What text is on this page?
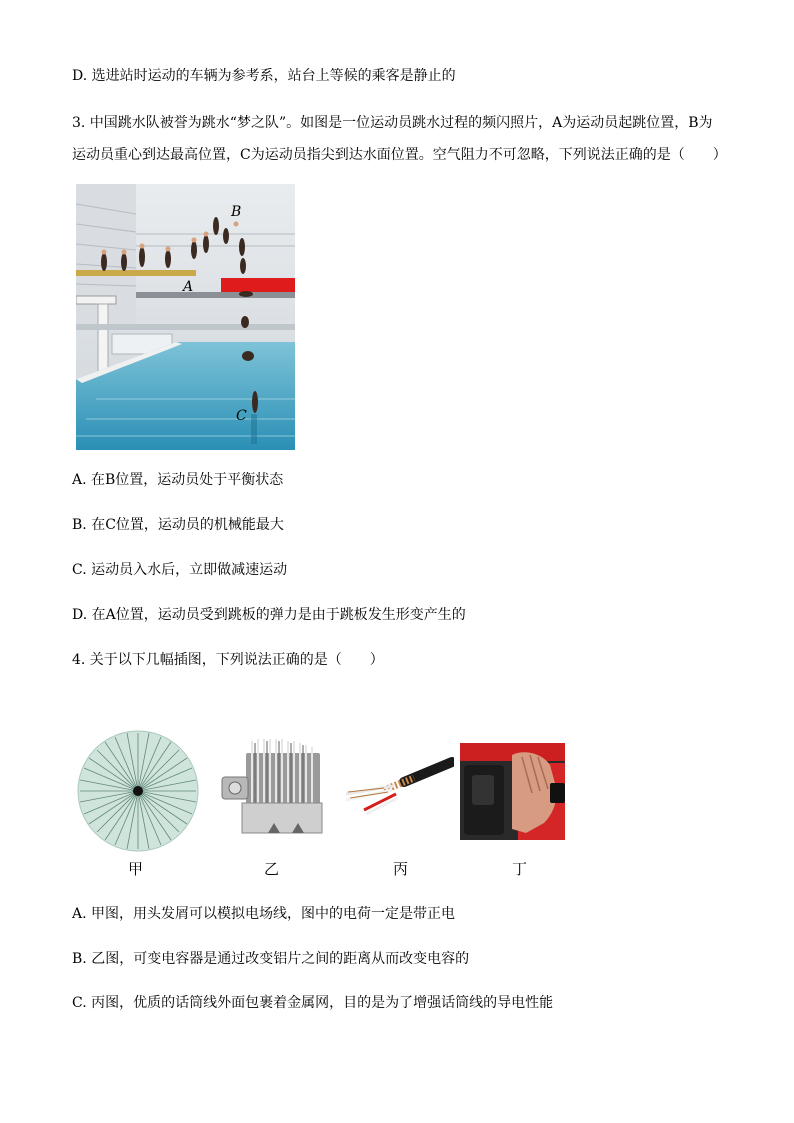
D. 选进站时运动的车辆为参考系，站台上等候的乘客是静止的
3. 中国跳水队被誉为跳水“梦之队”。如图是一位运动员跳水过程的频闪照片，A为运动员起跳位置，B为
运动员重心到达最高位置，C为运动员指尖到达水面位置。空气阻力不可忽略，下列说法正确的是（　　）
B
A
C
A. 在B位置，运动员处于平衡状态
B. 在C位置，运动员的机械能最大
C. 运动员入水后，立即做减速运动
D. 在A位置，运动员受到跳板的弹力是由于跳板发生形变产生的
4. 关于以下几幅插图，下列说法正确的是（　　）
甲	乙	丙	丁
A. 甲图，用头发屑可以模拟电场线，图中的电荷一定是带正电
B. 乙图，可变电容器是通过改变铝片之间的距离从而改变电容的
C. 丙图，优质的话筒线外面包裹着金属网，目的是为了增强话筒线的导电性能
